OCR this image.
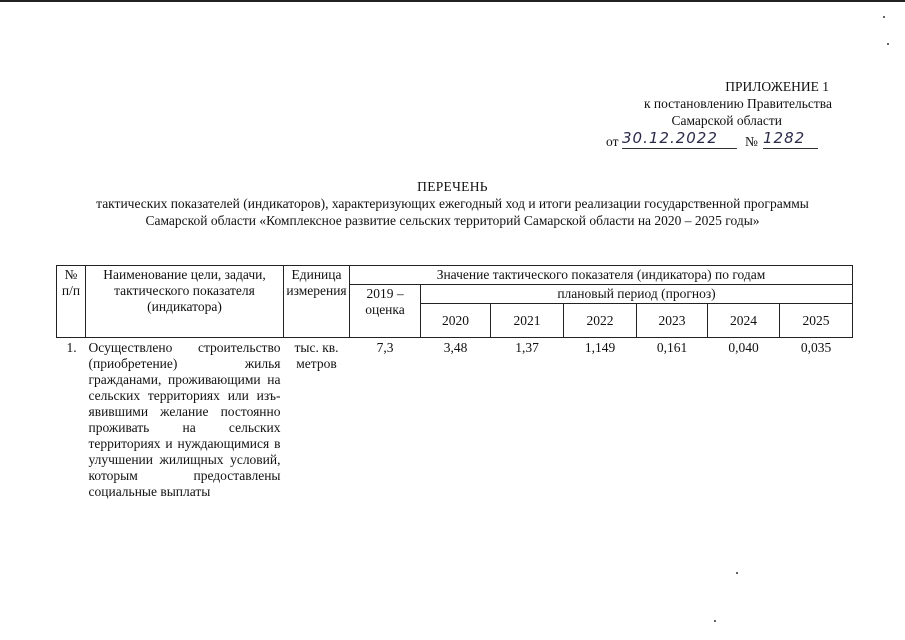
ПРИЛОЖЕНИЕ 1
к постановлению Правительства
Самарской области
от 30.12.2022	№ 1282
ПЕРЕЧЕНЬ
тактических показателей (индикаторов), характеризующих ежегодный ход и итоги реализации государственной программы
Самарской области «Комплексное развитие сельских территорий Самарской области на 2020 – 2025 годы»
№ п/п	Наименование цели, задачи, тактического показателя (индикатора)	Единица измерения	Значение тактического показателя (индикатора) по годам						
			2019 – оценка	плановый период (прогноз)					
				2020	2021	2022	2023	2024	2025
1.	Осуществлено строительство (приобретение) жилья гражданами, проживающими на сельских территориях или изъявившими желание постоянно проживать на сельских территориях и нуждающимися в улучшении жилищных условий, которым предоставлены социальные выплаты	тыс. кв. метров	7,3	3,48	1,37	1,149	0,161	0,040	0,035
